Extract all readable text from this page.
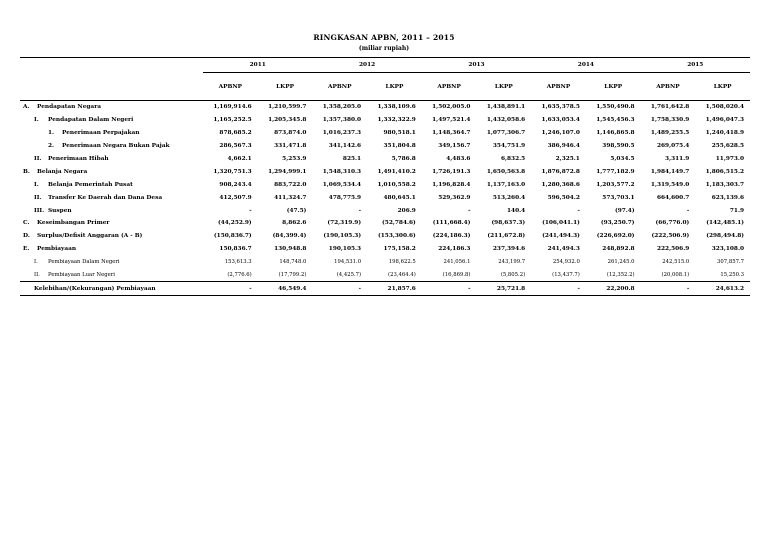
RINGKASAN APBN, 2011 – 2015
(miliar rupiah)
	2011		2012		2013		2014		2015	
	APBNP	LKPP	APBNP	LKPP	APBNP	LKPP	APBNP	LKPP	APBNP	LKPP
A. Pendapatan Negara	1,169,914.6	1,210,599.7	1,358,205.0	1,338,109.6	1,502,005.0	1,438,891.1	1,635,378.5	1,550,490.8	1,761,642.8	1,508,020.4
I. Pendapatan Dalam Negeri	1,165,252.5	1,205,345.8	1,357,380.0	1,332,322.9	1,497,521.4	1,432,058.6	1,633,053.4	1,545,456.3	1,758,330.9	1,496,047.3
1. Penerimaan Perpajakan	878,685.2	873,874.0	1,016,237.3	980,518.1	1,148,364.7	1,077,306.7	1,246,107.0	1,146,865.8	1,489,255.5	1,240,418.9
2. Penerimaan Negara Bukan Pajak	286,567.3	331,471.8	341,142.6	351,804.8	349,156.7	354,751.9	386,946.4	398,590.5	269,075.4	255,628.5
II. Penerimaan Hibah	4,662.1	5,253.9	825.1	5,786.8	4,483.6	6,832.5	2,325.1	5,034.5	3,311.9	11,973.0
B. Belanja Negara	1,320,751.3	1,294,999.1	1,548,310.3	1,491,410.2	1,726,191.3	1,650,563.8	1,876,872.8	1,777,182.9	1,984,149.7	1,806,515.2
I. Belanja Pemerintah Pusat	908,243.4	883,722.0	1,069,534.4	1,010,558.2	1,196,828.4	1,137,163.0	1,280,368.6	1,203,577.2	1,319,549.0	1,183,303.7
II. Transfer Ke Daerah dan Dana Desa	412,507.9	411,324.7	478,775.9	480,645.1	529,362.9	513,260.4	596,504.2	573,703.1	664,600.7	623,139.6
III. Suspen	-	(47.5)	-	206.9	-	140.4	-	(97.4)	-	71.9
C. Keseimbangan Primer	(44,252.9)	8,862.6	(72,319.9)	(52,784.6)	(111,668.4)	(98,637.3)	(106,041.1)	(93,250.7)	(66,776.0)	(142,485.1)
D. Surplus/Defisit Anggaran (A - B)	(150,836.7)	(84,399.4)	(190,105.3)	(153,300.6)	(224,186.3)	(211,672.8)	(241,494.3)	(226,692.0)	(222,506.9)	(298,494.8)
E. Pembiayaan	150,836.7	130,948.8	190,105.3	175,158.2	224,186.3	237,394.6	241,494.3	248,892.8	222,506.9	323,108.0
I. Pembiayaan Dalam Negeri	153,613.3	148,748.0	194,531.0	198,622.5	241,056.1	243,199.7	254,932.0	261,245.0	242,515.0	307,857.7
II. Pembiayaan Luar Negeri	(2,776.6)	(17,799.2)	(4,425.7)	(23,464.4)	(16,869.8)	(5,805.2)	(13,437.7)	(12,352.2)	(20,008.1)	15,250.3
Kelebihan/(Kekurangan) Pembiayaan	-	46,549.4	-	21,857.6	-	25,721.8	-	22,200.8	-	24,613.2
